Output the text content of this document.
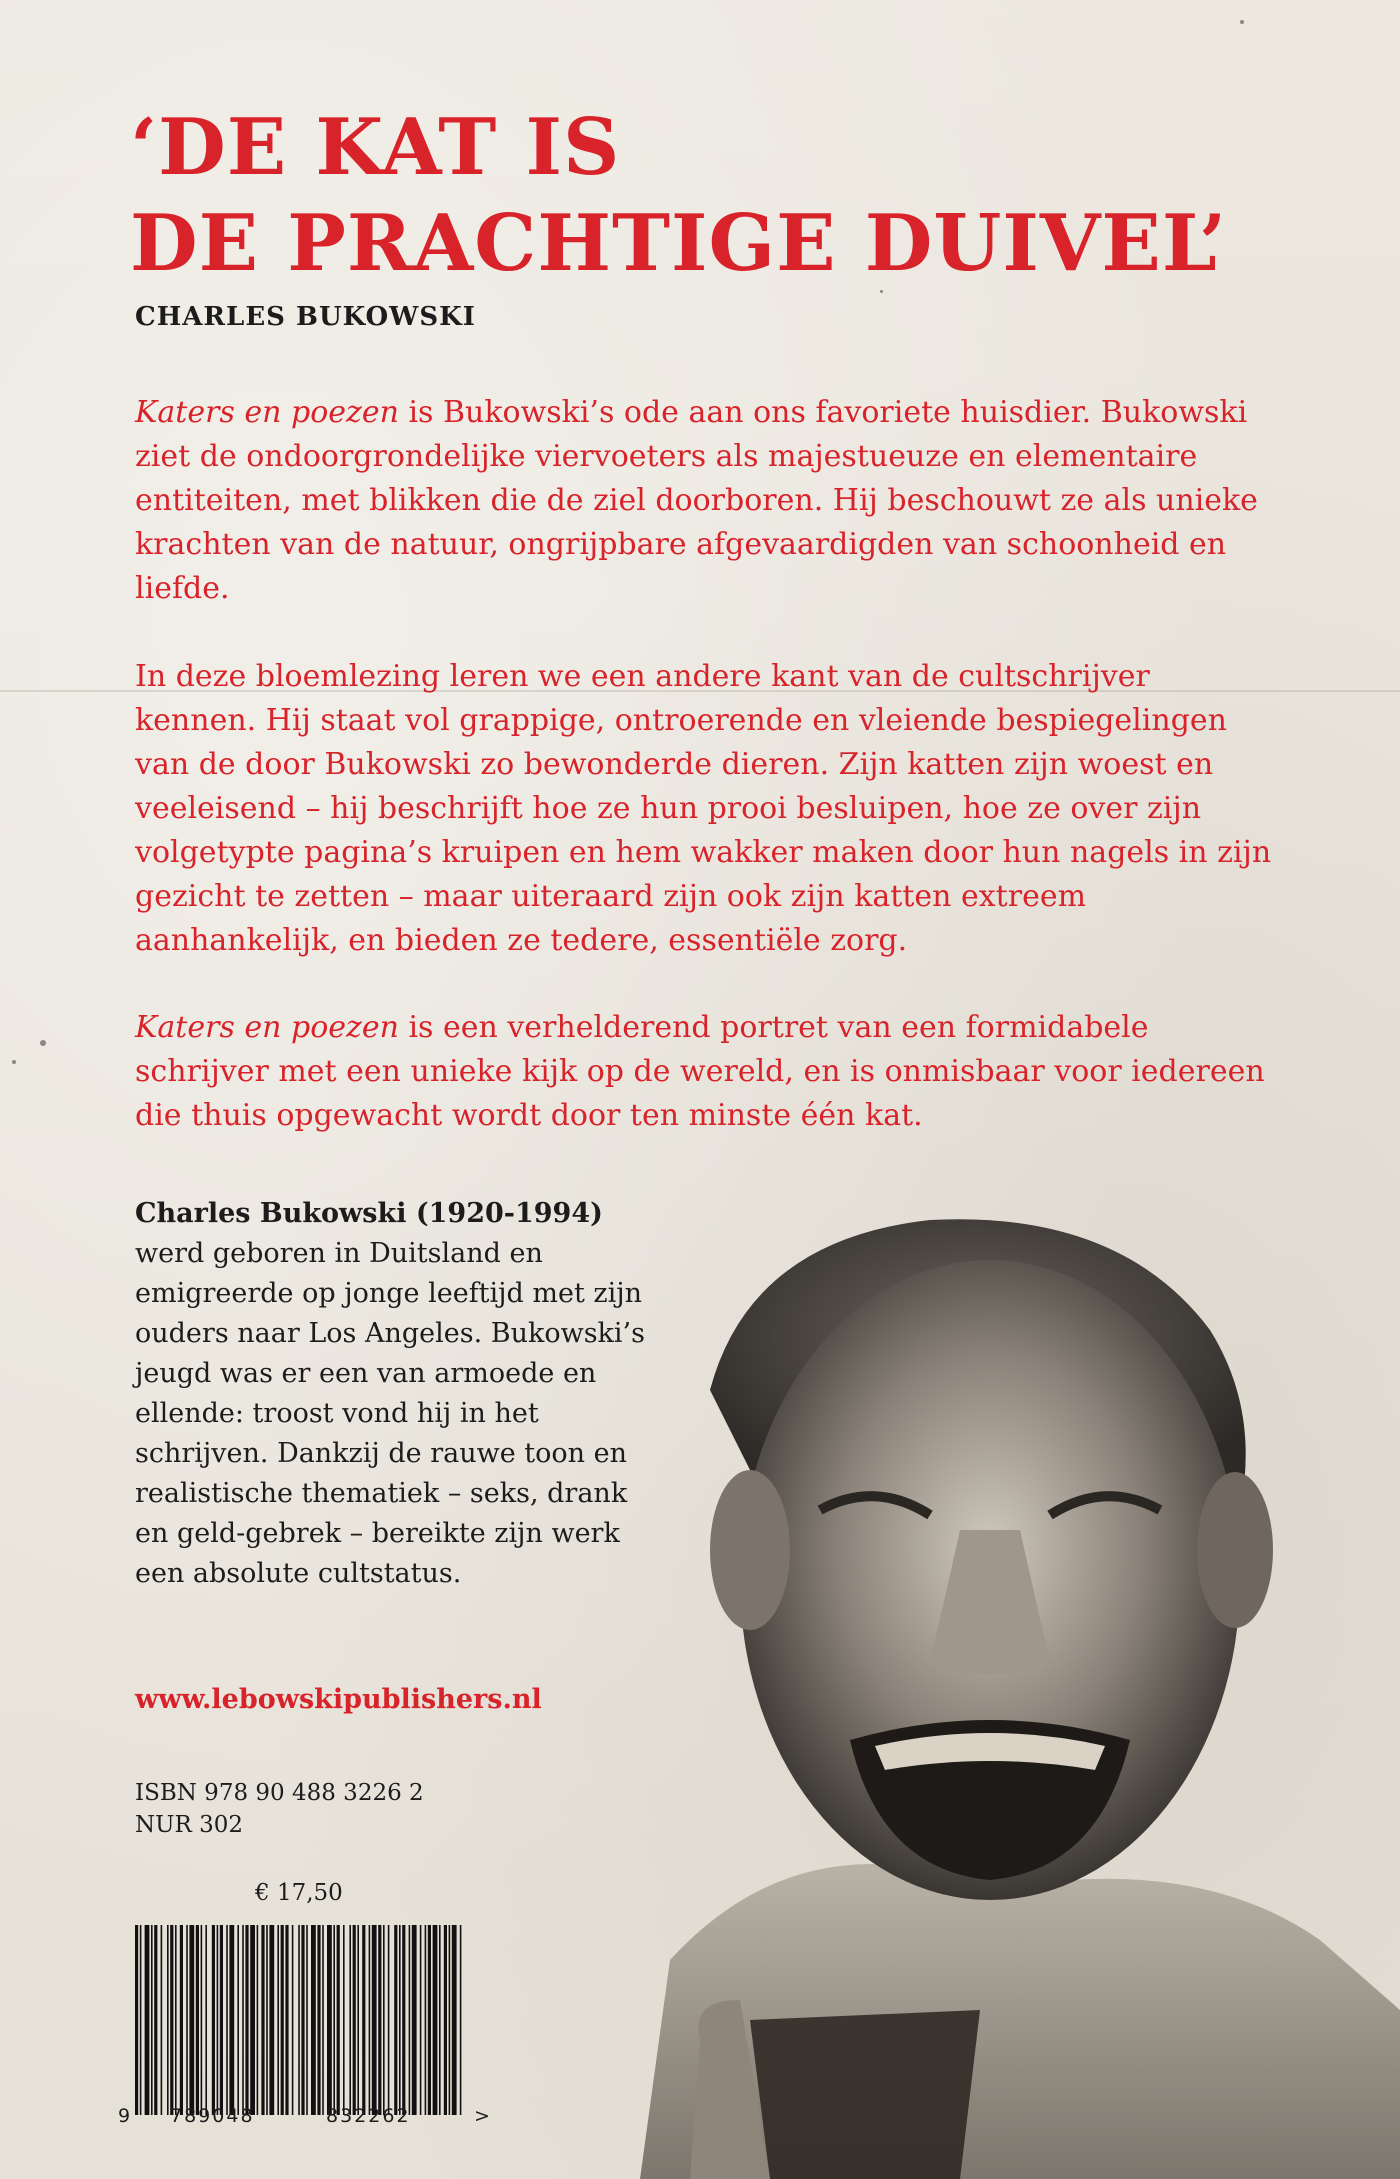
‘DE KAT IS
DE PRACHTIGE DUIVEL’
CHARLES BUKOWSKI

Katers en poezen is Bukowski’s ode aan ons favoriete huisdier. Bukowski ziet de ondoorgrondelijke viervoeters als majestueuze en elementaire entiteiten, met blikken die de ziel doorboren. Hij beschouwt ze als unieke krachten van de natuur, ongrijpbare afgevaardigden van schoonheid en liefde.

In deze bloemlezing leren we een andere kant van de cultschrijver kennen. Hij staat vol grappige, ontroerende en vleiende bespiegelingen van de door Bukowski zo bewonderde dieren. Zijn katten zijn woest en veeleisend – hij beschrijft hoe ze hun prooi besluipen, hoe ze over zijn volgetypte pagina’s kruipen en hem wakker maken door hun nagels in zijn gezicht te zetten – maar uiteraard zijn ook zijn katten extreem aanhankelijk, en bieden ze tedere, essentiële zorg.

Katers en poezen is een verhelderend portret van een formidabele schrijver met een unieke kijk op de wereld, en is onmisbaar voor iedereen die thuis opgewacht wordt door ten minste één kat.

Charles Bukowski (1920-1994)
werd geboren in Duitsland en emigreerde op jonge leeftijd met zijn ouders naar Los Angeles. Bukowski’s jeugd was er een van armoede en ellende: troost vond hij in het schrijven. Dankzij de rauwe toon en realistische thematiek – seks, drank en geld-gebrek – bereikte zijn werk een absolute cultstatus.

www.lebowskipublishers.nl
ISBN 978 90 488 3226 2
NUR 302
€ 17,50
9 789048	832262	>
